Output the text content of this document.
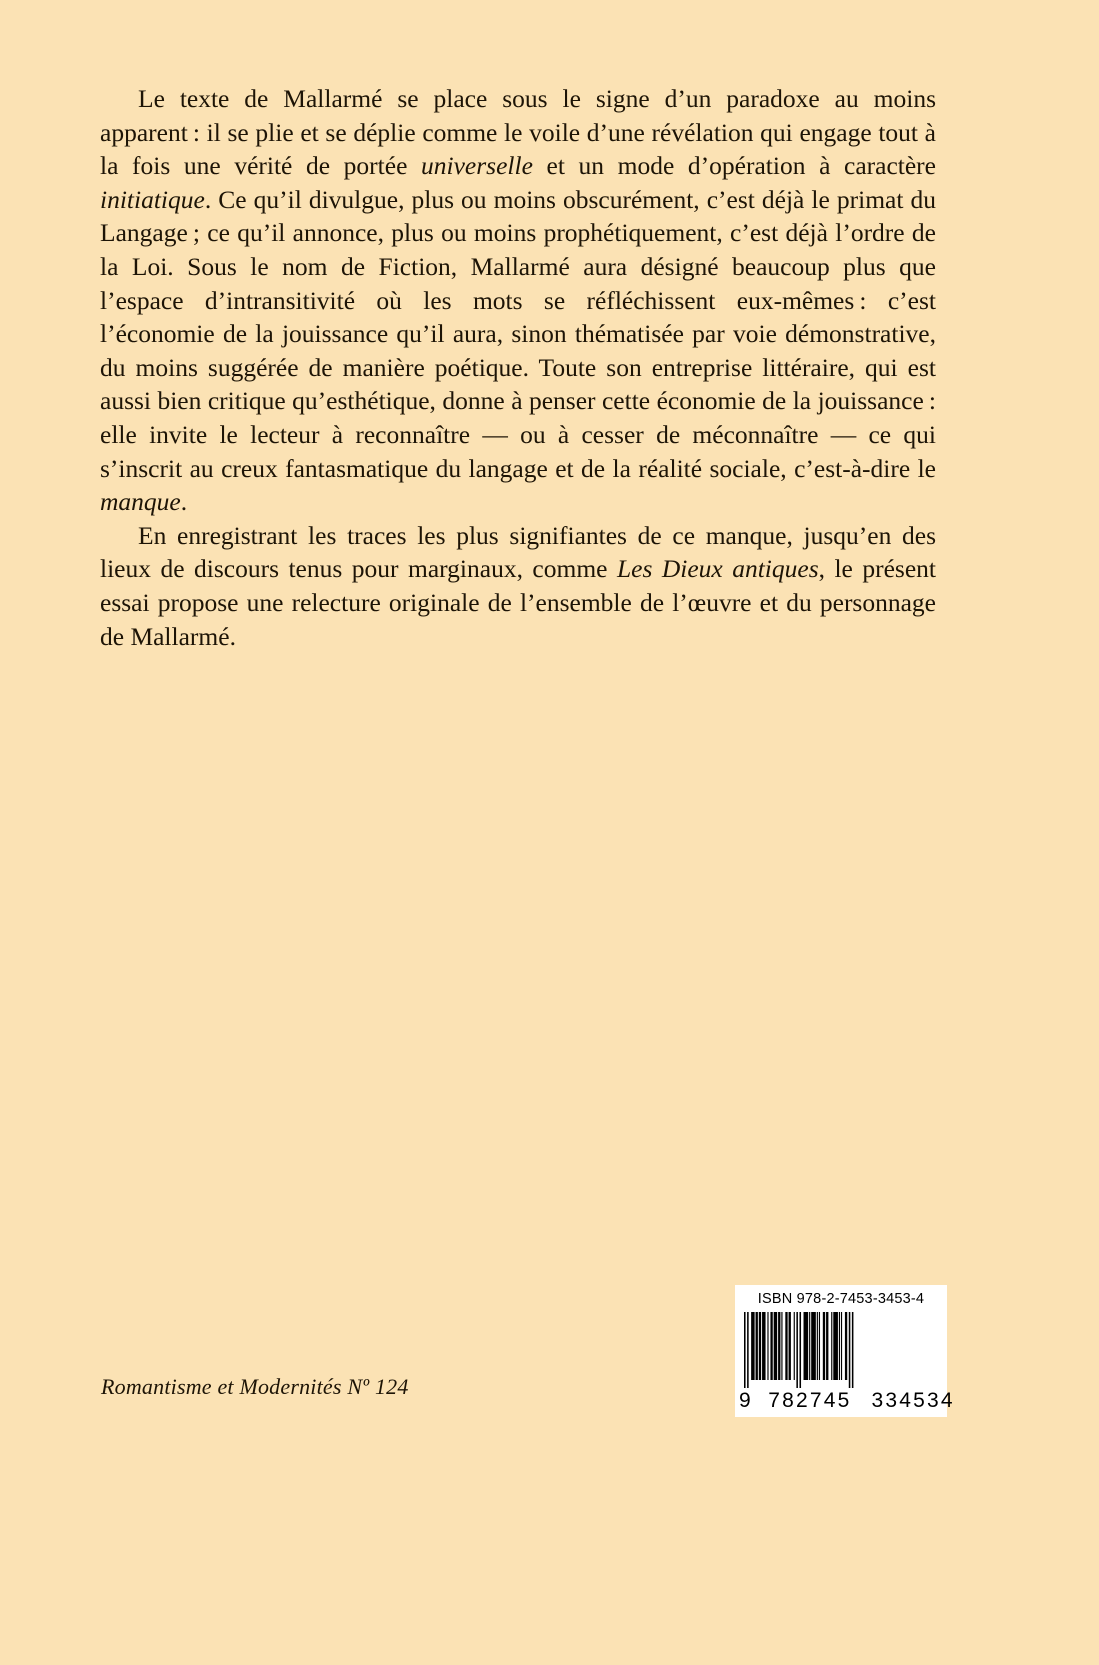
Le texte de Mallarmé se place sous le signe d’un paradoxe au moins apparent : il se plie et se déplie comme le voile d’une révélation qui engage tout à la fois une vérité de portée universelle et un mode d’opération à caractère initiatique. Ce qu’il divulgue, plus ou moins obscurément, c’est déjà le primat du Langage ; ce qu’il annonce, plus ou moins prophétiquement, c’est déjà l’ordre de la Loi. Sous le nom de Fiction, Mallarmé aura désigné beaucoup plus que l’espace d’intransitivité où les mots se réfléchissent eux-mêmes : c’est l’économie de la jouissance qu’il aura, sinon thématisée par voie démonstrative, du moins suggérée de manière poétique. Toute son entreprise littéraire, qui est aussi bien critique qu’esthétique, donne à penser cette économie de la jouissance : elle invite le lecteur à reconnaître — ou à cesser de méconnaître — ce qui s’inscrit au creux fantasmatique du langage et de la réalité sociale, c’est-à-dire le manque.

En enregistrant les traces les plus signifiantes de ce manque, jusqu’en des lieux de discours tenus pour marginaux, comme Les Dieux antiques, le présent essai propose une relecture originale de l’ensemble de l’œuvre et du personnage de Mallarmé.

Romantisme et Modernités Nº 124
ISBN 978-2-7453-3453-4
9 782745 334534
